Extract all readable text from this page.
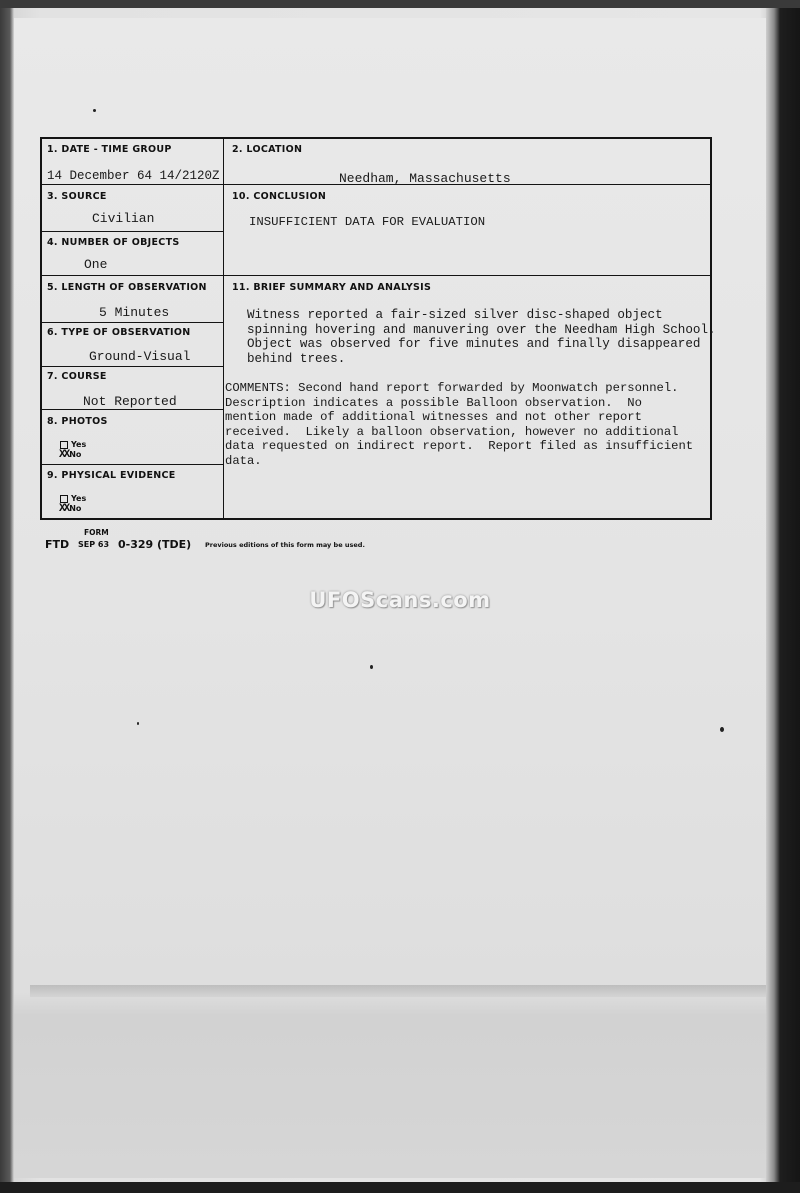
1. DATE - TIME GROUP
14 December 64 14/2120Z
2. LOCATION
Needham, Massachusetts
3. SOURCE
Civilian
4. NUMBER OF OBJECTS
One
10. CONCLUSION
INSUFFICIENT DATA FOR EVALUATION
5. LENGTH OF OBSERVATION
5 Minutes
6. TYPE OF OBSERVATION
Ground-Visual
7. COURSE
Not Reported
8. PHOTOS
Yes
XXNo
9. PHYSICAL EVIDENCE
Yes
XXNo
11. BRIEF SUMMARY AND ANALYSIS
Witness reported a fair-sized silver disc-shaped object
spinning hovering and manuvering over the Needham High School.
Object was observed for five minutes and finally disappeared
behind trees.
COMMENTS: Second hand report forwarded by Moonwatch personnel.
Description indicates a possible Balloon observation.  No
mention made of additional witnesses and not other report
received.  Likely a balloon observation, however no additional
data requested on indirect report.  Report filed as insufficient
data.
FORM
FTD SEP 63 0-329 (TDE) Previous editions of this form may be used.
UFOScans.com
